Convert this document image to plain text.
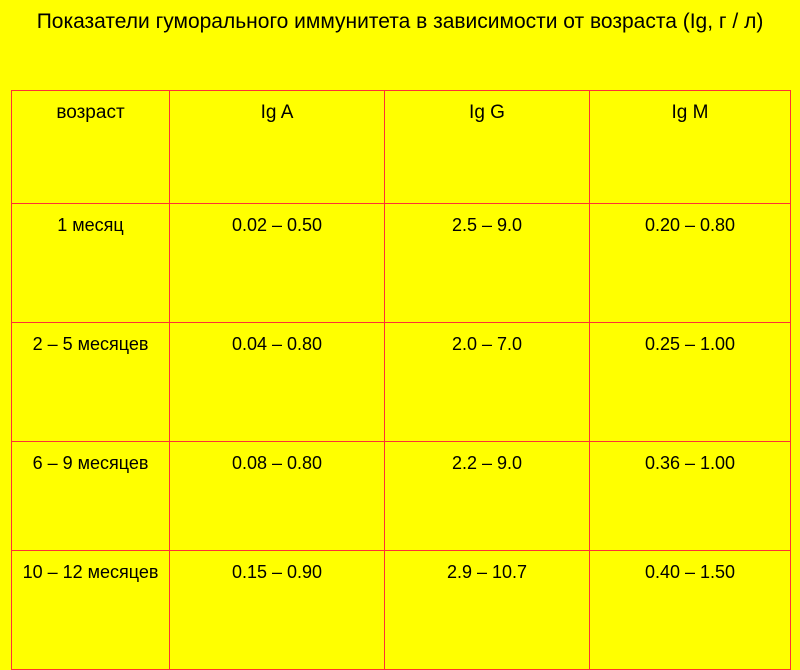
Показатели гуморального иммунитета в зависимости от возраста (Ig, г / л)
возраст	Ig A	Ig G	Ig M

1 месяц	0.02 – 0.50	2.5 – 9.0	0.20 – 0.80

2 – 5 месяцев	0.04 – 0.80	2.0 – 7.0	0.25 – 1.00

6 – 9 месяцев	0.08 – 0.80	2.2 – 9.0	0.36 – 1.00

10 – 12 месяцев	0.15 – 0.90	2.9 – 10.7	0.40 – 1.50
